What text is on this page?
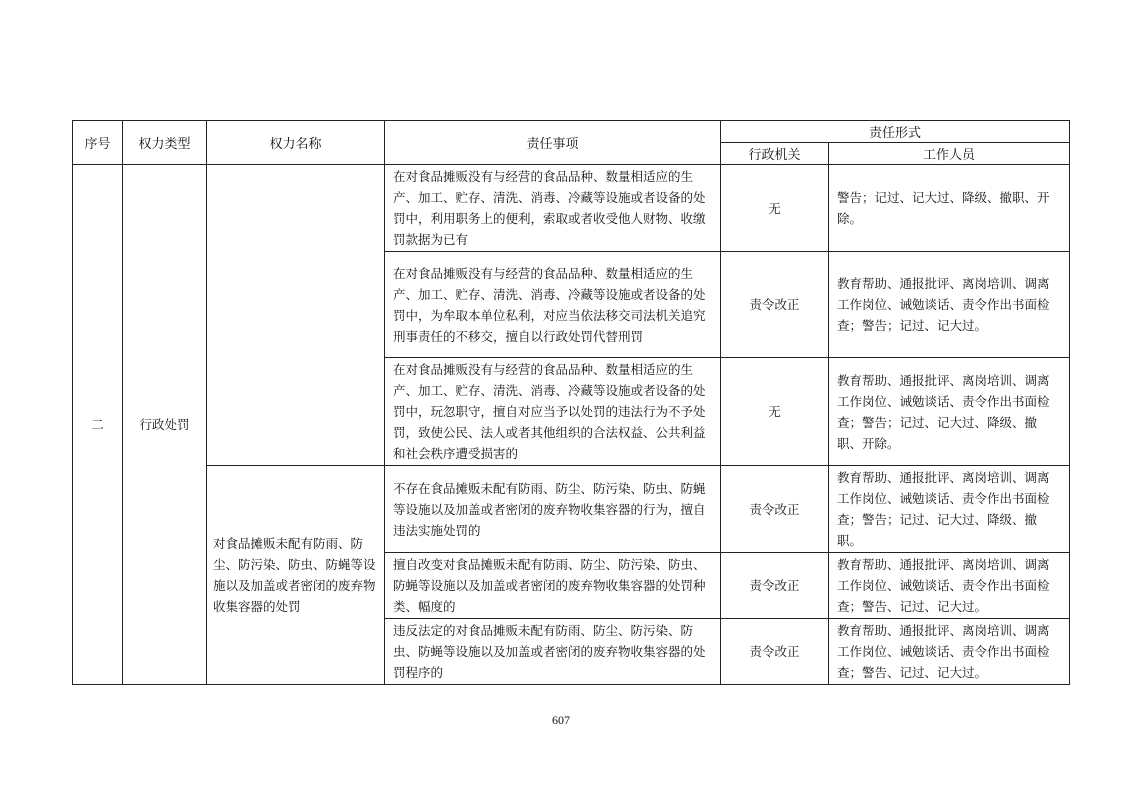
序号	权力类型	权力名称	责任事项	责任形式	
				行政机关	工作人员
二	行政处罚		在对食品摊贩没有与经营的食品品种、数量相适应的生产、加工、贮存、清洗、消毒、冷藏等设施或者设备的处罚中，利用职务上的便利，索取或者收受他人财物、收缴罚款据为已有	无	警告；记过、记大过、降级、撤职、开除。
			在对食品摊贩没有与经营的食品品种、数量相适应的生产、加工、贮存、清洗、消毒、冷藏等设施或者设备的处罚中，为牟取本单位私利，对应当依法移交司法机关追究刑事责任的不移交，擅自以行政处罚代替刑罚	责令改正	教育帮助、通报批评、离岗培训、调离工作岗位、诫勉谈话、责令作出书面检查；警告；记过、记大过。
			在对食品摊贩没有与经营的食品品种、数量相适应的生产、加工、贮存、清洗、消毒、冷藏等设施或者设备的处罚中，玩忽职守，擅自对应当予以处罚的违法行为不予处罚，致使公民、法人或者其他组织的合法权益、公共利益和社会秩序遭受损害的	无	教育帮助、通报批评、离岗培训、调离工作岗位、诫勉谈话、责令作出书面检查；警告；记过、记大过、降级、撤职、开除。
		对食品摊贩未配有防雨、防尘、防污染、防虫、防蝇等设施以及加盖或者密闭的废弃物收集容器的处罚	不存在食品摊贩未配有防雨、防尘、防污染、防虫、防蝇等设施以及加盖或者密闭的废弃物收集容器的行为，擅自违法实施处罚的	责令改正	教育帮助、通报批评、离岗培训、调离工作岗位、诫勉谈话、责令作出书面检查；警告；记过、记大过、降级、撤职。
			擅自改变对食品摊贩未配有防雨、防尘、防污染、防虫、防蝇等设施以及加盖或者密闭的废弃物收集容器的处罚种类、幅度的	责令改正	教育帮助、通报批评、离岗培训、调离工作岗位、诫勉谈话、责令作出书面检查；警告、记过、记大过。
			违反法定的对食品摊贩未配有防雨、防尘、防污染、防虫、防蝇等设施以及加盖或者密闭的废弃物收集容器的处罚程序的	责令改正	教育帮助、通报批评、离岗培训、调离工作岗位、诫勉谈话、责令作出书面检查；警告、记过、记大过。
607
